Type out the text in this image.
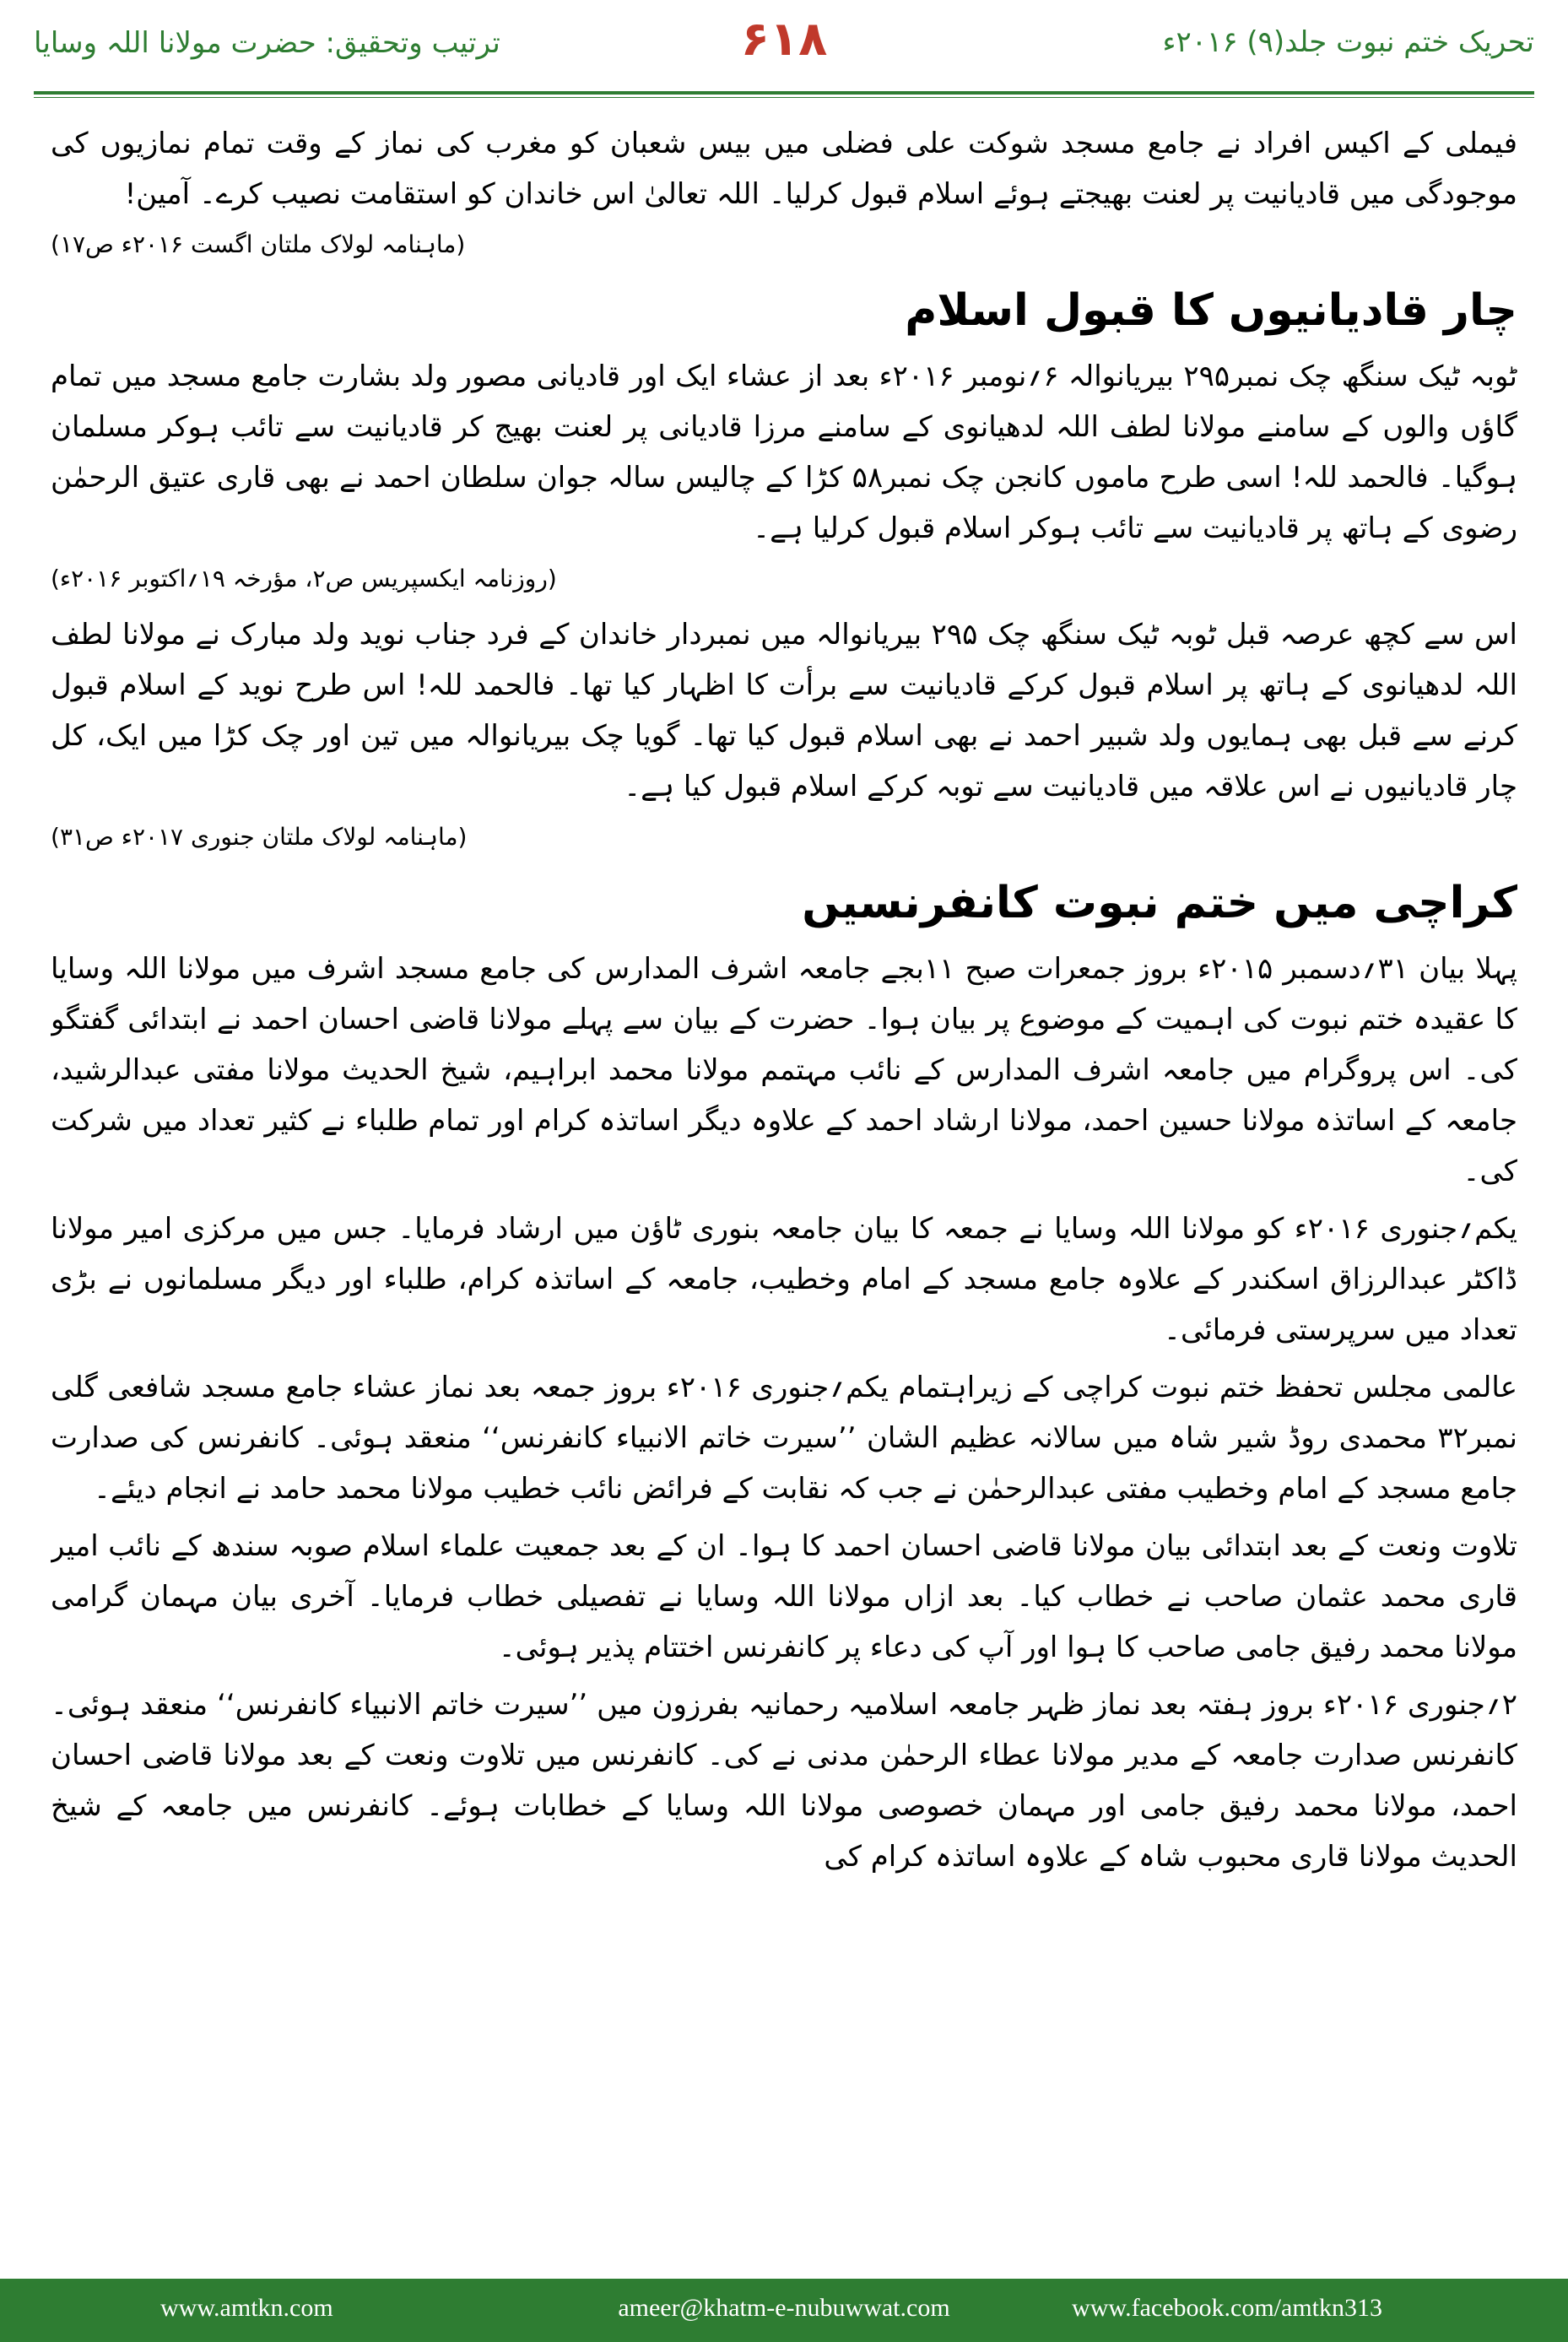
ترتیب وتحقیق: حضرت مولانا اللہ وسایا	۶۱۸	تحریک ختم نبوت جلد(۹) ۲۰۱۶ء

فیملی کے اکیس افراد نے جامع مسجد شوکت علی فضلی میں بیس شعبان کو مغرب کی نماز کے وقت تمام نمازیوں کی موجودگی میں قادیانیت پر لعنت بھیجتے ہوئے اسلام قبول کرلیا۔ اللہ تعالیٰ اس خاندان کو استقامت نصیب کرے۔ آمین!

(ماہنامہ لولاک ملتان اگست ۲۰۱۶ء ص۱۷)
چار قادیانیوں کا قبول اسلام

ٹوبہ ٹیک سنگھ چک نمبر۲۹۵ بیریانوالہ ۶؍نومبر ۲۰۱۶ء بعد از عشاء ایک اور قادیانی مصور ولد بشارت جامع مسجد میں تمام گاؤں والوں کے سامنے مولانا لطف اللہ لدھیانوی کے سامنے مرزا قادیانی پر لعنت بھیج کر قادیانیت سے تائب ہوکر مسلمان ہوگیا۔ فالحمد للہ! اسی طرح ماموں کانجن چک نمبر۵۸ کڑا کے چالیس سالہ جوان سلطان احمد نے بھی قاری عتیق الرحمٰن رضوی کے ہاتھ پر قادیانیت سے تائب ہوکر اسلام قبول کرلیا ہے۔

(روزنامہ ایکسپریس ص۲، مؤرخہ ۱۹؍اکتوبر ۲۰۱۶ء)

اس سے کچھ عرصہ قبل ٹوبہ ٹیک سنگھ چک ۲۹۵ بیریانوالہ میں نمبردار خاندان کے فرد جناب نوید ولد مبارک نے مولانا لطف اللہ لدھیانوی کے ہاتھ پر اسلام قبول کرکے قادیانیت سے برأت کا اظہار کیا تھا۔ فالحمد للہ! اس طرح نوید کے اسلام قبول کرنے سے قبل بھی ہمایوں ولد شبیر احمد نے بھی اسلام قبول کیا تھا۔ گویا چک بیریانوالہ میں تین اور چک کڑا میں ایک، کل چار قادیانیوں نے اس علاقہ میں قادیانیت سے توبہ کرکے اسلام قبول کیا ہے۔

(ماہنامہ لولاک ملتان جنوری ۲۰۱۷ء ص۳۱)
کراچی میں ختم نبوت کانفرنسیں

پہلا بیان ۳۱؍دسمبر ۲۰۱۵ء بروز جمعرات صبح ۱۱بجے جامعہ اشرف المدارس کی جامع مسجد اشرف میں مولانا اللہ وسایا کا عقیدہ ختم نبوت کی اہمیت کے موضوع پر بیان ہوا۔ حضرت کے بیان سے پہلے مولانا قاضی احسان احمد نے ابتدائی گفتگو کی۔ اس پروگرام میں جامعہ اشرف المدارس کے نائب مہتمم مولانا محمد ابراہیم، شیخ الحدیث مولانا مفتی عبدالرشید، جامعہ کے اساتذہ مولانا حسین احمد، مولانا ارشاد احمد کے علاوہ دیگر اساتذہ کرام اور تمام طلباء نے کثیر تعداد میں شرکت کی۔

یکم؍جنوری ۲۰۱۶ء کو مولانا اللہ وسایا نے جمعہ کا بیان جامعہ بنوری ٹاؤن میں ارشاد فرمایا۔ جس میں مرکزی امیر مولانا ڈاکٹر عبدالرزاق اسکندر کے علاوہ جامع مسجد کے امام وخطیب، جامعہ کے اساتذہ کرام، طلباء اور دیگر مسلمانوں نے بڑی تعداد میں سرپرستی فرمائی۔

عالمی مجلس تحفظ ختم نبوت کراچی کے زیراہتمام یکم؍جنوری ۲۰۱۶ء بروز جمعہ بعد نماز عشاء جامع مسجد شافعی گلی نمبر۳۲ محمدی روڈ شیر شاہ میں سالانہ عظیم الشان ’’سیرت خاتم الانبیاء کانفرنس‘‘ منعقد ہوئی۔ کانفرنس کی صدارت جامع مسجد کے امام وخطیب مفتی عبدالرحمٰن نے جب کہ نقابت کے فرائض نائب خطیب مولانا محمد حامد نے انجام دیئے۔

تلاوت ونعت کے بعد ابتدائی بیان مولانا قاضی احسان احمد کا ہوا۔ ان کے بعد جمعیت علماء اسلام صوبہ سندھ کے نائب امیر قاری محمد عثمان صاحب نے خطاب کیا۔ بعد ازاں مولانا اللہ وسایا نے تفصیلی خطاب فرمایا۔ آخری بیان مہمان گرامی مولانا محمد رفیق جامی صاحب کا ہوا اور آپ کی دعاء پر کانفرنس اختتام پذیر ہوئی۔

۲؍جنوری ۲۰۱۶ء بروز ہفتہ بعد نماز ظہر جامعہ اسلامیہ رحمانیہ بفرزون میں ’’سیرت خاتم الانبیاء کانفرنس‘‘ منعقد ہوئی۔ کانفرنس صدارت جامعہ کے مدیر مولانا عطاء الرحمٰن مدنی نے کی۔ کانفرنس میں تلاوت ونعت کے بعد مولانا قاضی احسان احمد، مولانا محمد رفیق جامی اور مہمان خصوصی مولانا اللہ وسایا کے خطابات ہوئے۔ کانفرنس میں جامعہ کے شیخ الحدیث مولانا قاری محبوب شاہ کے علاوہ اساتذہ کرام کی

www.amtkn.com	ameer@khatm-e-nubuwwat.com	www.facebook.com/amtkn313
